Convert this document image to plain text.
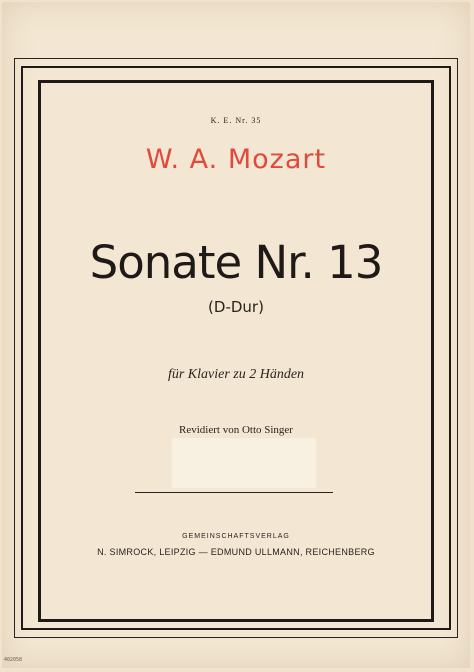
K. E. Nr. 35
W. A. Mozart
Sonate Nr. 13
(D-Dur)
für Klavier zu 2 Händen
Revidiert von Otto Singer
GEMEINSCHAFTSVERLAG
N. SIMROCK, LEIPZIG — EDMUND ULLMANN, REICHENBERG
402058
